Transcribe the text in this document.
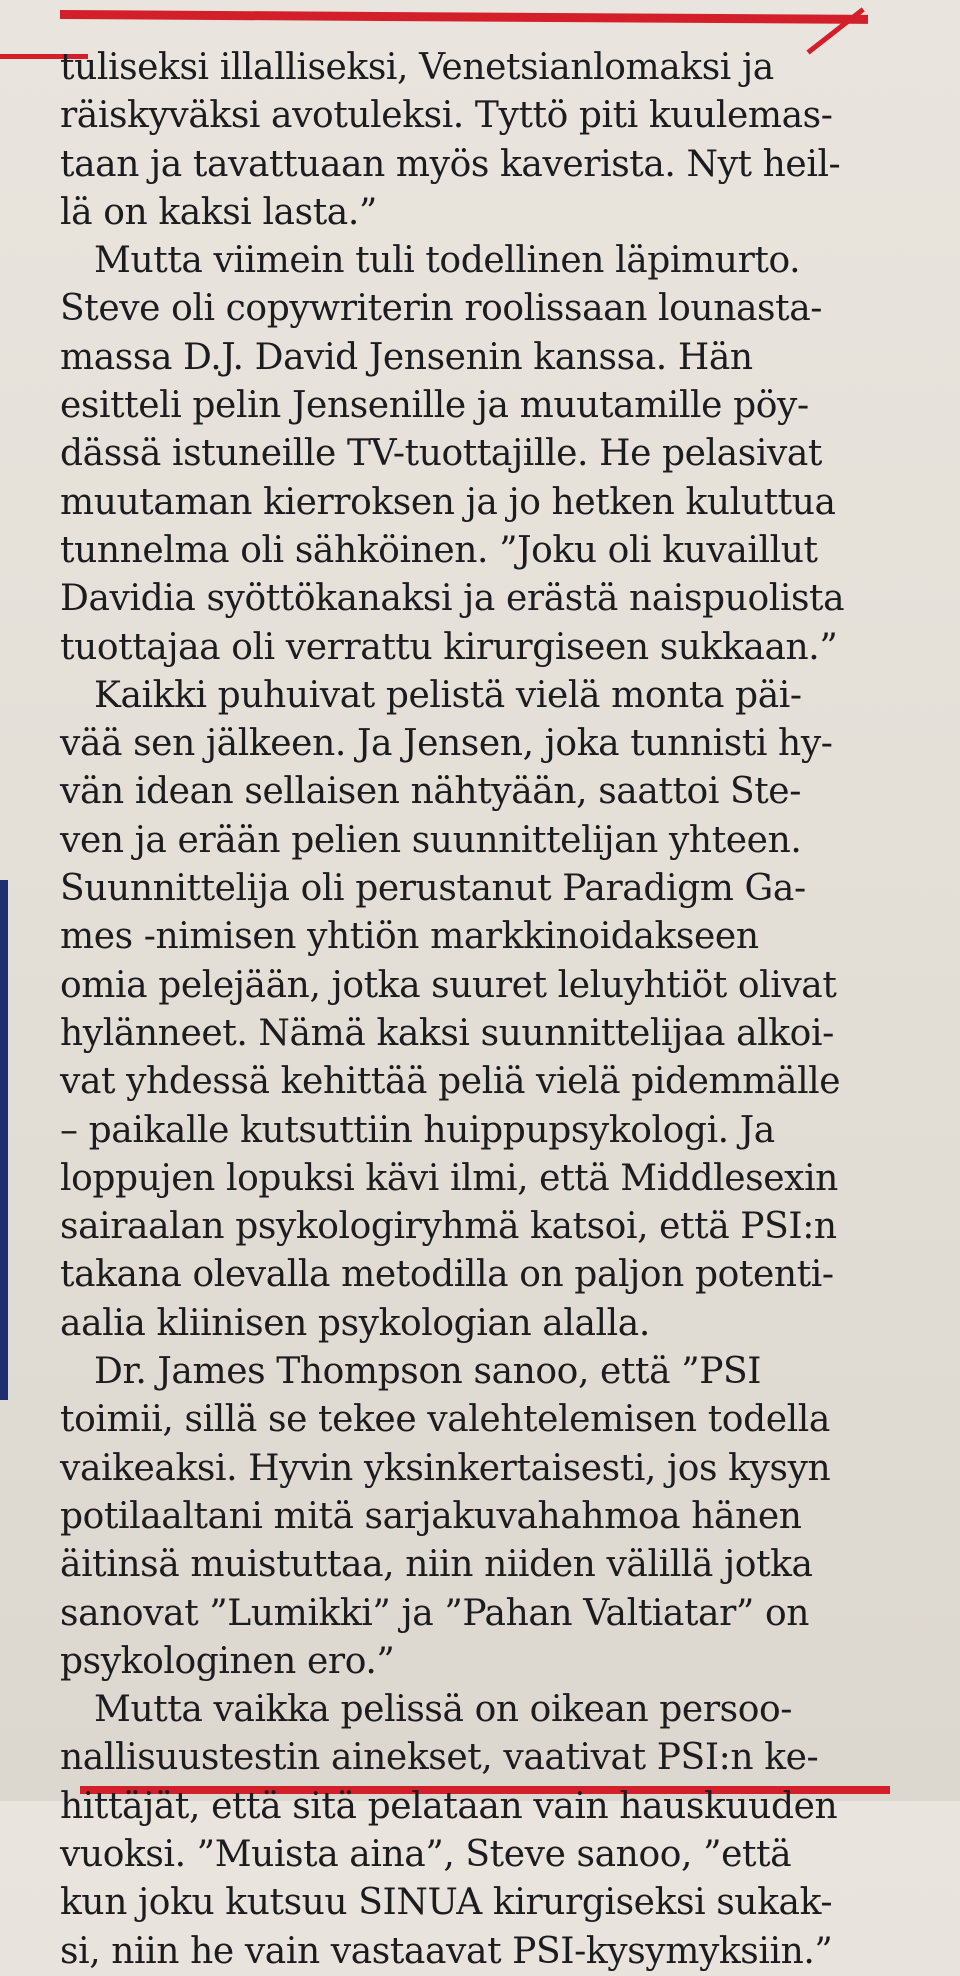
tuliseksi illalliseksi, Venetsianlomaksi ja
räiskyväksi avotuleksi. Tyttö piti kuulemas-
taan ja tavattuaan myös kaverista. Nyt heil-
lä on kaksi lasta.”
Mutta viimein tuli todellinen läpimurto.
Steve oli copywriterin roolissaan lounasta-
massa D.J. David Jensenin kanssa. Hän
esitteli pelin Jensenille ja muutamille pöy-
dässä istuneille TV-tuottajille. He pelasivat
muutaman kierroksen ja jo hetken kuluttua
tunnelma oli sähköinen. ”Joku oli kuvaillut
Davidia syöttökanaksi ja erästä naispuolista
tuottajaa oli verrattu kirurgiseen sukkaan.”
Kaikki puhuivat pelistä vielä monta päi-
vää sen jälkeen. Ja Jensen, joka tunnisti hy-
vän idean sellaisen nähtyään, saattoi Ste-
ven ja erään pelien suunnittelijan yhteen.
Suunnittelija oli perustanut Paradigm Ga-
mes -nimisen yhtiön markkinoidakseen
omia pelejään, jotka suuret leluyhtiöt olivat
hylänneet. Nämä kaksi suunnittelijaa alkoi-
vat yhdessä kehittää peliä vielä pidemmälle
– paikalle kutsuttiin huippupsykologi. Ja
loppujen lopuksi kävi ilmi, että Middlesexin
sairaalan psykologiryhmä katsoi, että PSI:n
takana olevalla metodilla on paljon potenti-
aalia kliinisen psykologian alalla.
Dr. James Thompson sanoo, että ”PSI
toimii, sillä se tekee valehtelemisen todella
vaikeaksi. Hyvin yksinkertaisesti, jos kysyn
potilaaltani mitä sarjakuvahahmoa hänen
äitinsä muistuttaa, niin niiden välillä jotka
sanovat ”Lumikki” ja ”Pahan Valtiatar” on
psykologinen ero.”
Mutta vaikka pelissä on oikean persoo-
nallisuustestin ainekset, vaativat PSI:n ke-
hittäjät, että sitä pelataan vain hauskuuden
vuoksi. ”Muista aina”, Steve sanoo, ”että
kun joku kutsuu SINUA kirurgiseksi sukak-
si, niin he vain vastaavat PSI-kysymyksiin.”
